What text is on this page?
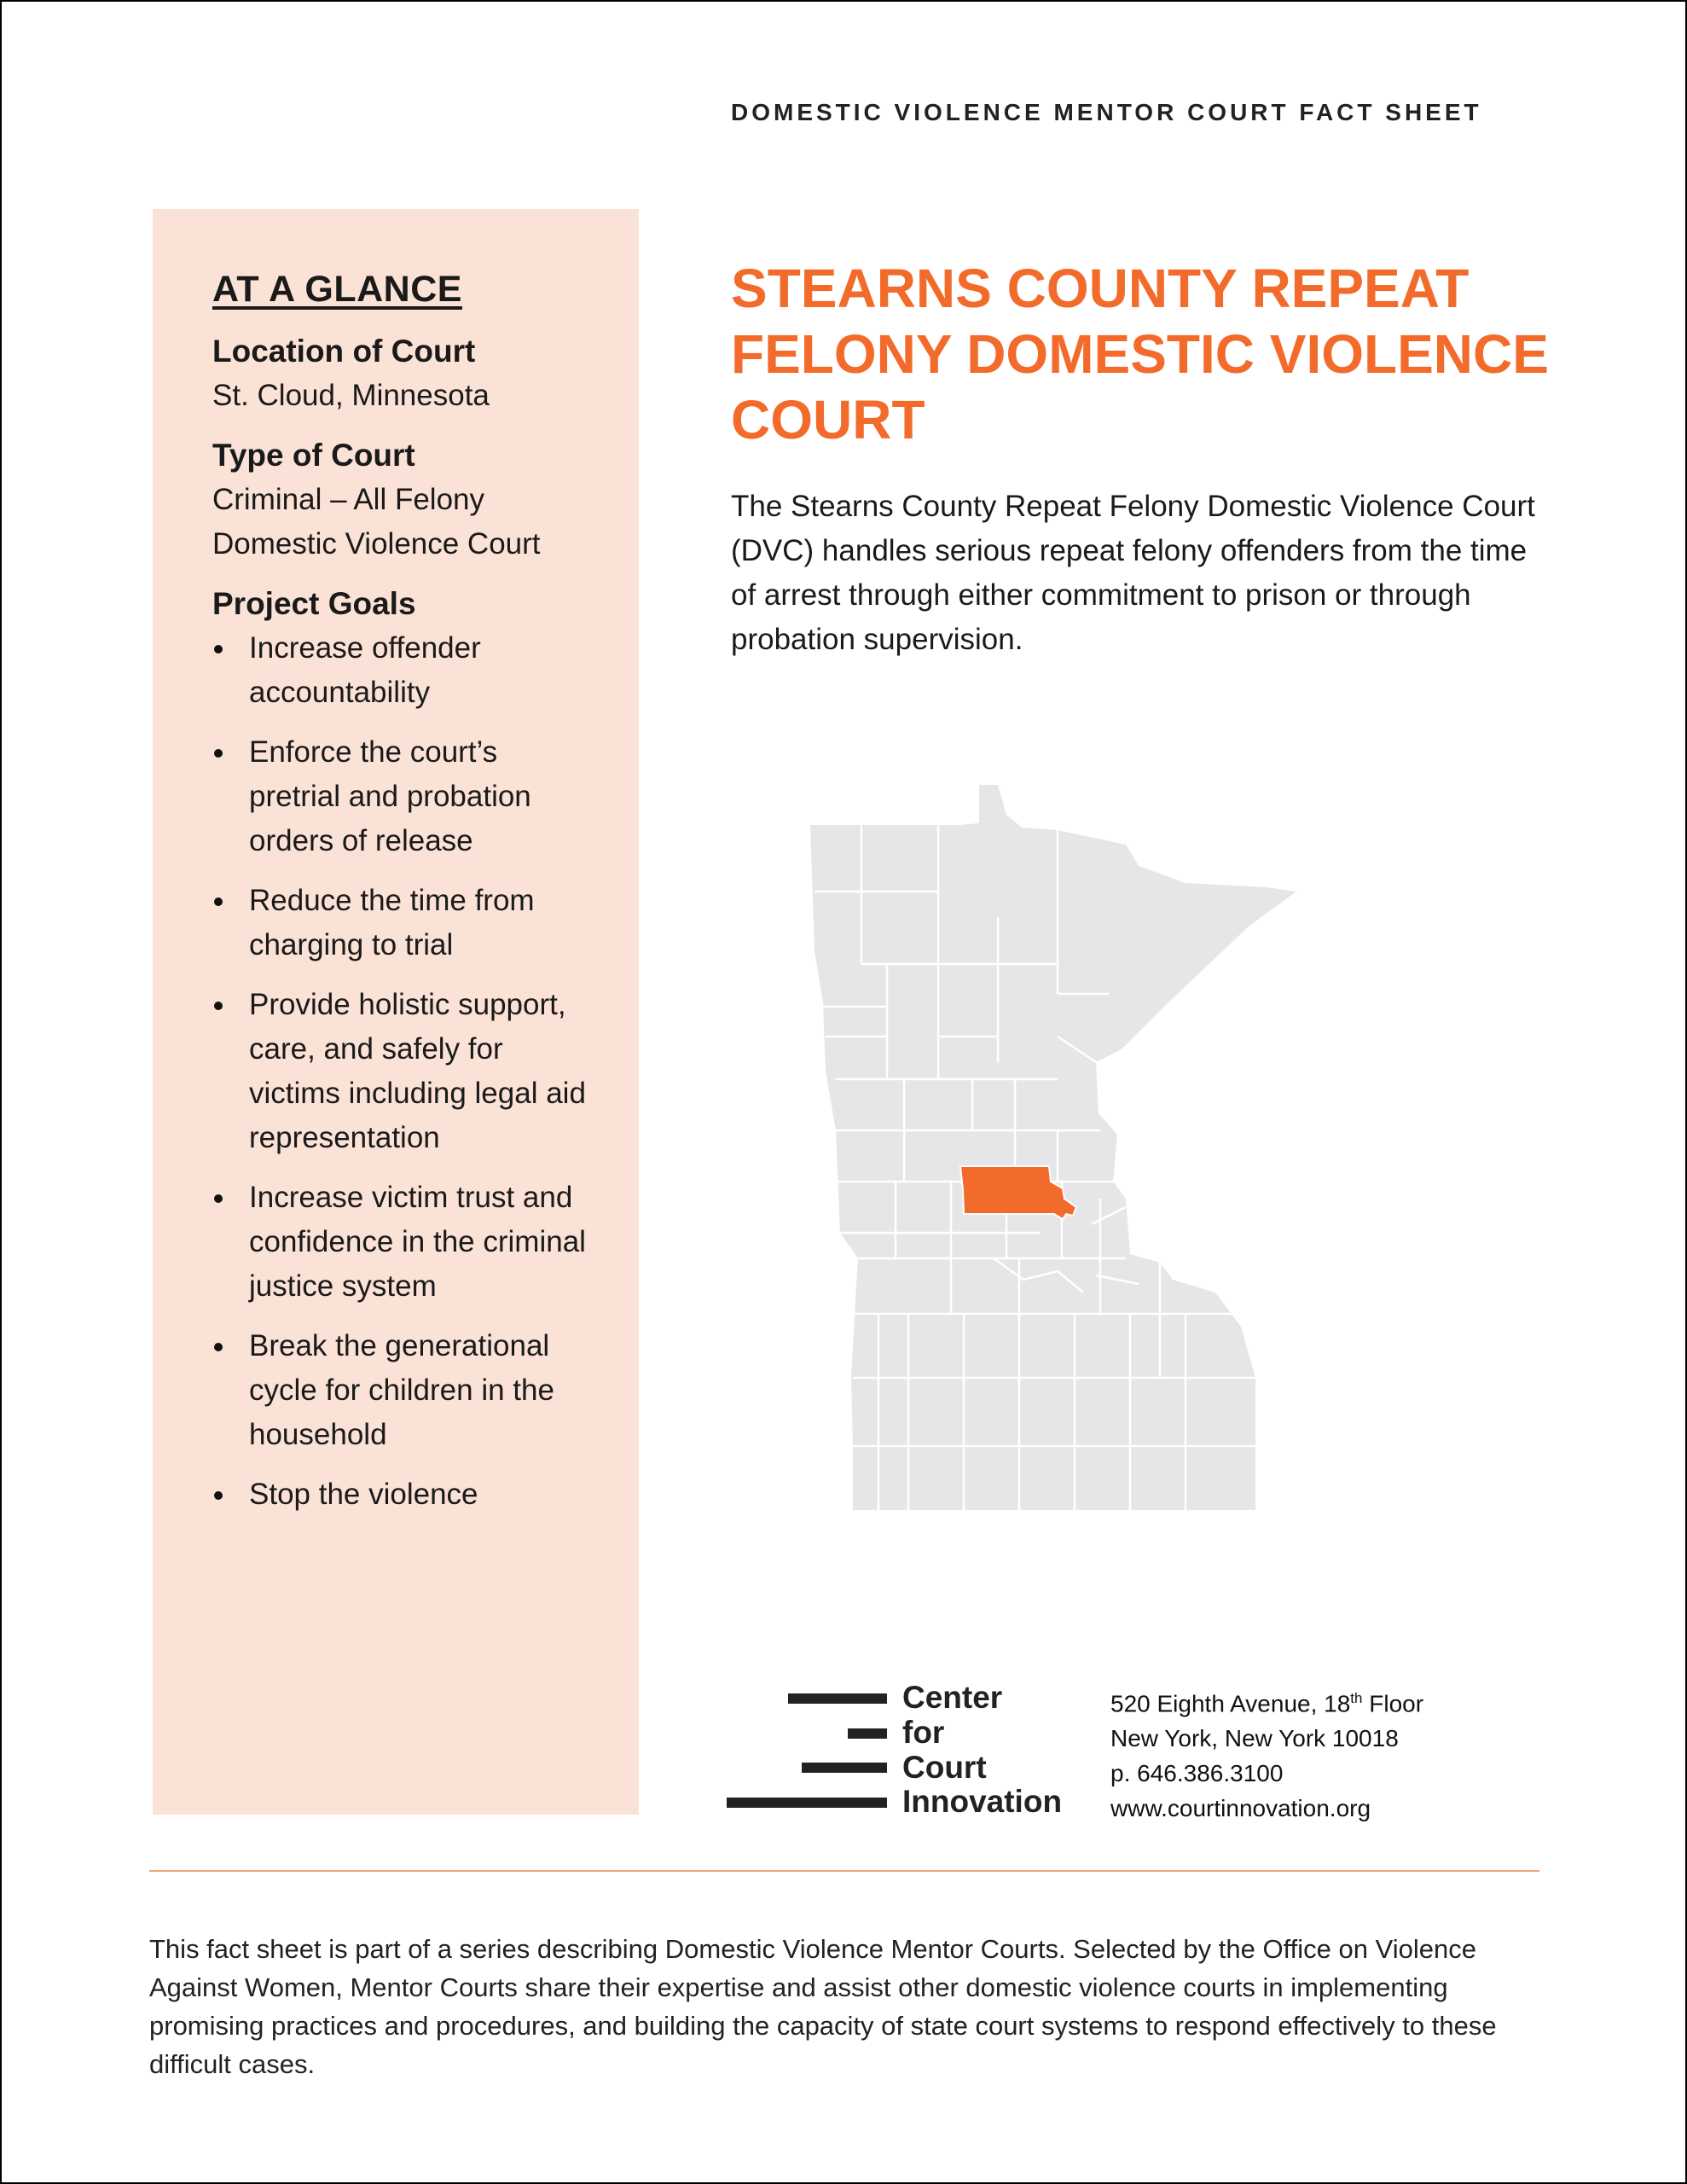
DOMESTIC VIOLENCE MENTOR COURT FACT SHEET
AT A GLANCE
Location of Court

St. Cloud, Minnesota

Type of Court

Criminal – All Felony
Domestic Violence Court

Project Goals
Increase offender accountability
Enforce the court’s pretrial and probation orders of release
Reduce the time from charging to trial
Provide holistic support, care, and safely for victims including legal aid representation
Increase victim trust and confidence in the criminal justice system
Break the generational cycle for children in the household
Stop the violence
STEARNS COUNTY REPEAT FELONY DOMESTIC VIOLENCE COURT

The Stearns County Repeat Felony Domestic Violence Court (DVC) handles serious repeat felony offenders from the time of arrest through either commitment to prison or through probation supervision.

Center
for
Court
Innovation
520 Eighth Avenue, 18th Floor
New York, New York 10018
p. 646.386.3100
www.courtinnovation.org

This fact sheet is part of a series describing Domestic Violence Mentor Courts. Selected by the Office on Violence Against Women, Mentor Courts share their expertise and assist other domestic violence courts in implementing promising practices and procedures, and building the capacity of state court systems to respond effectively to these difficult cases.
